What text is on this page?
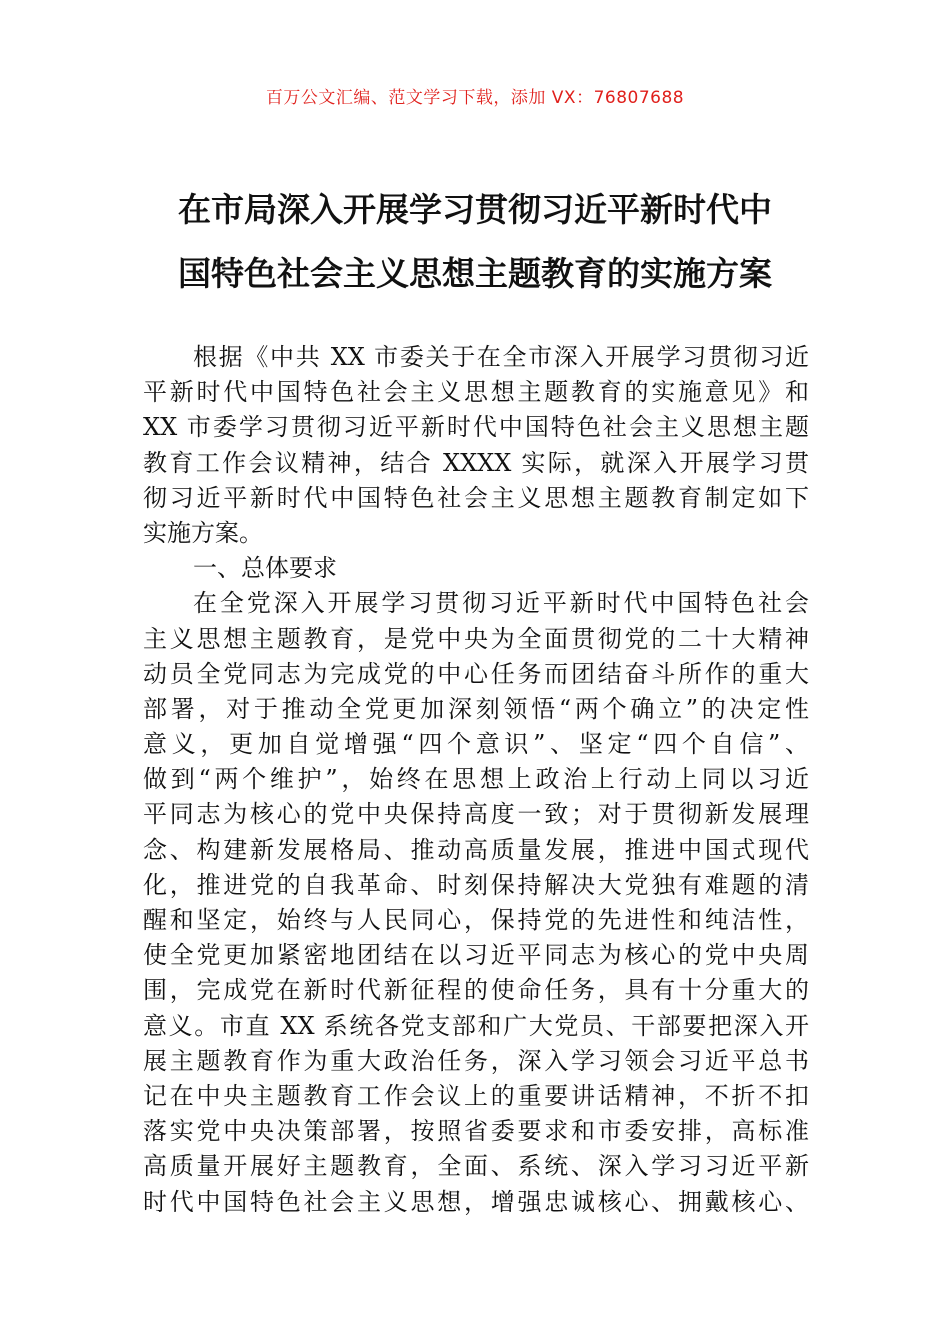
百万公文汇编、范文学习下载，添加 VX：76807688
在市局深入开展学习贯彻习近平新时代中
国特色社会主义思想主题教育的实施方案
根据《中共 XX 市委关于在全市深入开展学习贯彻习近
平新时代中国特色社会主义思想主题教育的实施意见》和
XX 市委学习贯彻习近平新时代中国特色社会主义思想主题
教育工作会议精神，结合 XXXX 实际，就深入开展学习贯
彻习近平新时代中国特色社会主义思想主题教育制定如下
实施方案。
一、总体要求
在全党深入开展学习贯彻习近平新时代中国特色社会
主义思想主题教育，是党中央为全面贯彻党的二十大精神
动员全党同志为完成党的中心任务而团结奋斗所作的重大
部署，对于推动全党更加深刻领悟“两个确立”的决定性
意义，更加自觉增强“四个意识”、坚定“四个自信”、
做到“两个维护”，始终在思想上政治上行动上同以习近
平同志为核心的党中央保持高度一致；对于贯彻新发展理
念、构建新发展格局、推动高质量发展，推进中国式现代
化，推进党的自我革命、时刻保持解决大党独有难题的清
醒和坚定，始终与人民同心，保持党的先进性和纯洁性，
使全党更加紧密地团结在以习近平同志为核心的党中央周
围，完成党在新时代新征程的使命任务，具有十分重大的
意义。市直 XX 系统各党支部和广大党员、干部要把深入开
展主题教育作为重大政治任务，深入学习领会习近平总书
记在中央主题教育工作会议上的重要讲话精神，不折不扣
落实党中央决策部署，按照省委要求和市委安排，高标准
高质量开展好主题教育，全面、系统、深入学习习近平新
时代中国特色社会主义思想，增强忠诚核心、拥戴核心、
